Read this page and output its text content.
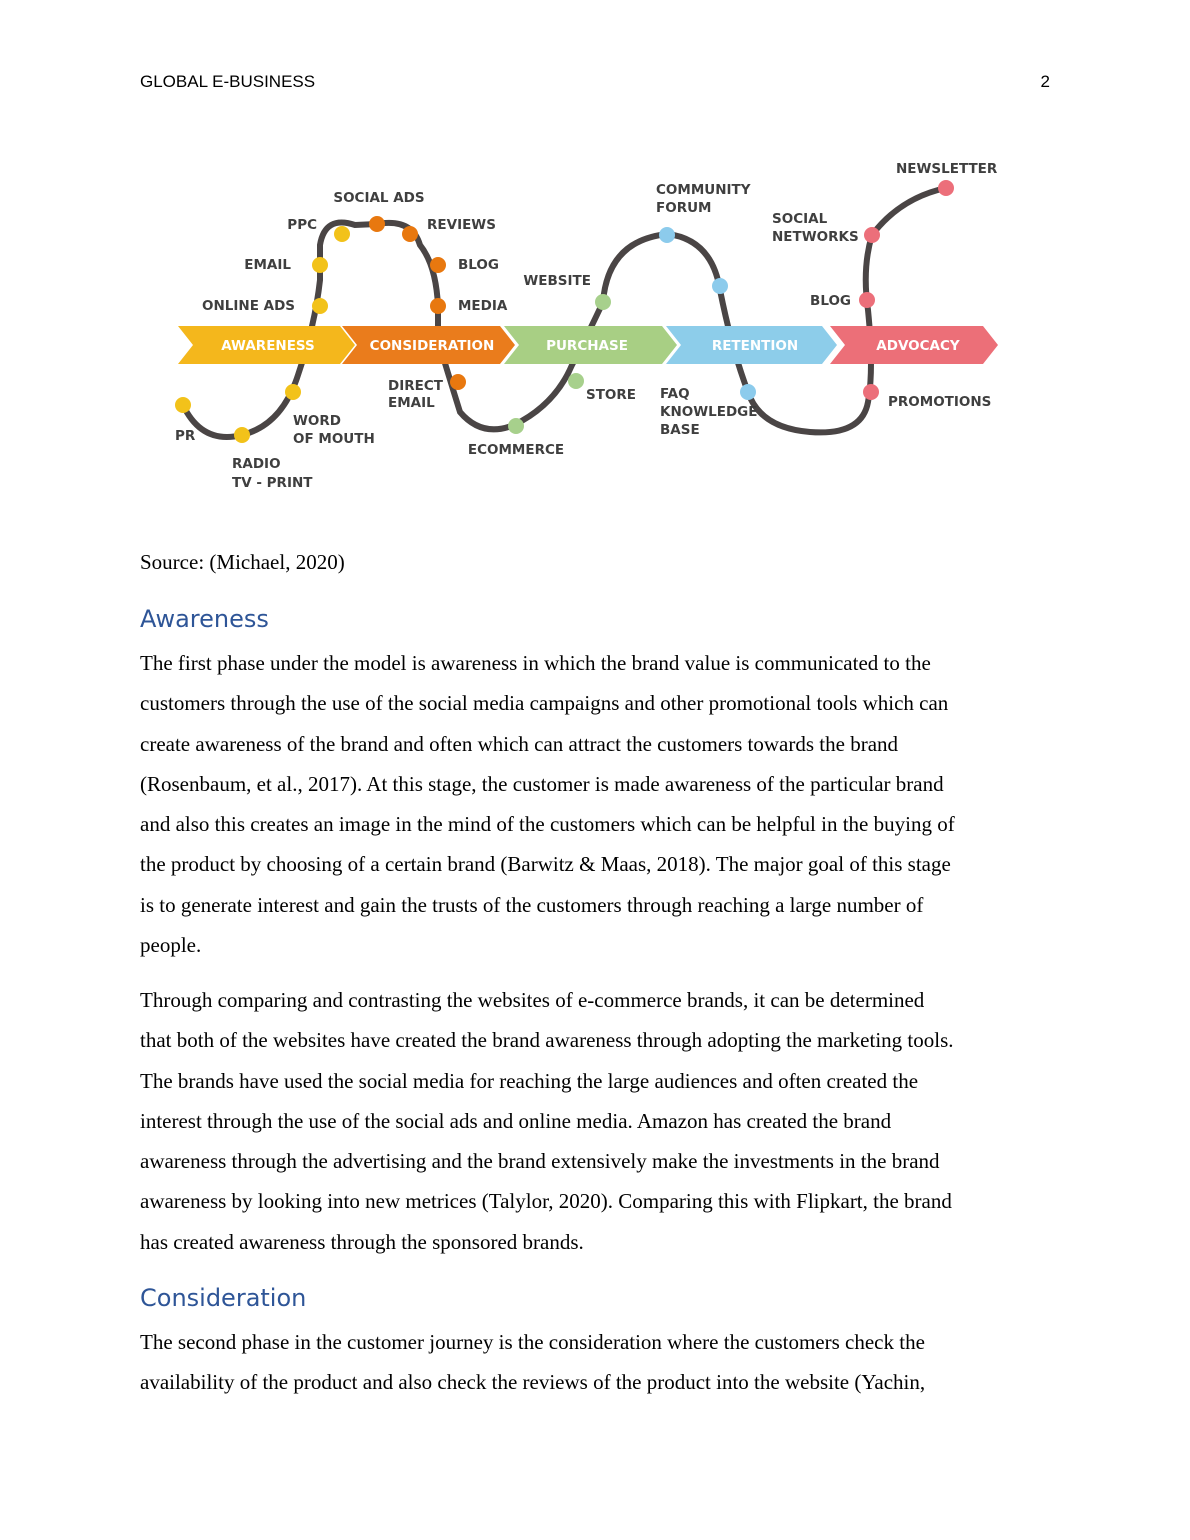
GLOBAL E-BUSINESS	2
AWARENESS	CONSIDERATION	PURCHASE	RETENTION	ADVOCACY
PR
RADIO
TV - PRINT
WORD
OF MOUTH
ONLINE ADS
EMAIL
PPC
SOCIAL ADS
REVIEWS
BLOG
MEDIA
DIRECT
EMAIL
ECOMMERCE
STORE
WEBSITE
COMMUNITY
FORUM
FAQ
KNOWLEDGE
BASE
BLOG
SOCIAL
NETWORKS
NEWSLETTER
PROMOTIONS
Source: (Michael, 2020)
Awareness
The first phase under the model is awareness in which the brand value is communicated to the
customers through the use of the social media campaigns and other promotional tools which can
create awareness of the brand and often which can attract the customers towards the brand
(Rosenbaum, et al., 2017). At this stage, the customer is made awareness of the particular brand
and also this creates an image in the mind of the customers which can be helpful in the buying of
the product by choosing of a certain brand (Barwitz & Maas, 2018). The major goal of this stage
is to generate interest and gain the trusts of the customers through reaching a large number of
people.
Through comparing and contrasting the websites of e-commerce brands, it can be determined
that both of the websites have created the brand awareness through adopting the marketing tools.
The brands have used the social media for reaching the large audiences and often created the
interest through the use of the social ads and online media. Amazon has created the brand
awareness through the advertising and the brand extensively make the investments in the brand
awareness by looking into new metrices (Talylor, 2020). Comparing this with Flipkart, the brand
has created awareness through the sponsored brands.
Consideration
The second phase in the customer journey is the consideration where the customers check the
availability of the product and also check the reviews of the product into the website (Yachin,
